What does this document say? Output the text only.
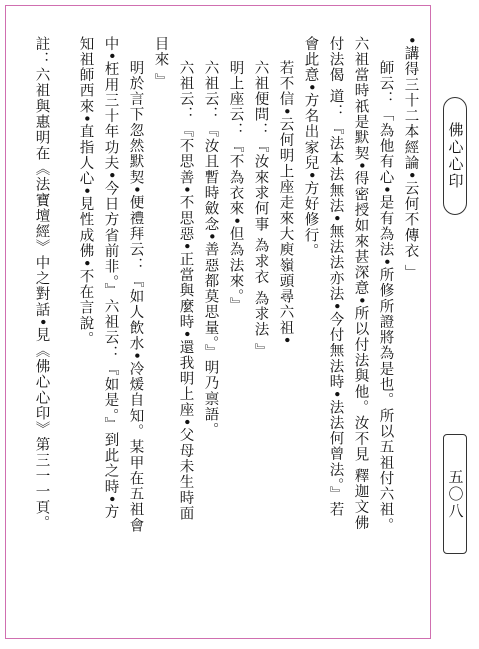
佛心心印
五〇八
•講得三十二本經論•云何不傳衣 」
師云：「為他有心•是有為法•所修所證將為是也。所以五祖付六祖。
六祖當時祇是默契•得密授如來甚深意•所以付法與他。汝不見 釋迦文佛
付法偈 道：『法本法無法•無法法亦法•今付無法時•法法何曾法。』若
會此意•方名出家兒•方好修行。
若不信•云何明上座走來大庾嶺頭尋六祖•
六祖便問：『汝來求何事 為求衣 為求法 』
明上座云：『不為衣來•但為法來。』
六祖云：『汝且暫時斂念•善惡都莫思量。』明乃禀語。
六祖云：『不思善•不思惡•正當與麼時•還我明上座•父母未生時面
目來 』
明於言下忽然默契•便禮拜云：『如人飲水•冷煖自知。某甲在五祖會
中•枉用三十年功夫•今日方省前非。』六祖云：『如是。』到此之時•方
知祖師西來•直指人心•見性成佛•不在言說。
註：六祖與惠明在《法寶壇經》中之對話•見《佛心心印》第三一一頁。
